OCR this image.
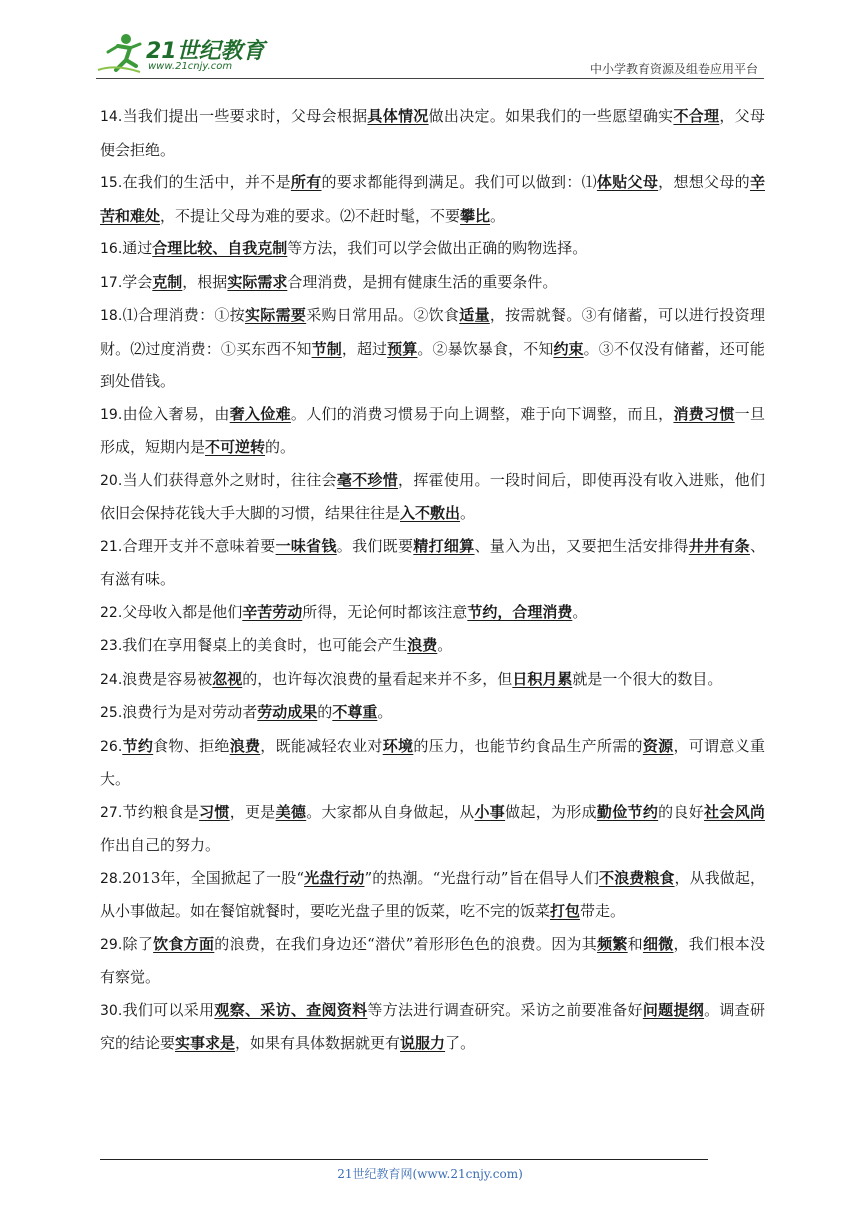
21世纪教育
www.21cnjy.com	中小学教育资源及组卷应用平台

14.当我们提出一些要求时，父母会根据具体情况做出决定。如果我们的一些愿望确实不合理，父母便会拒绝。

15.在我们的生活中，并不是所有的要求都能得到满足。我们可以做到：⑴体贴父母，想想父母的辛苦和难处，不提让父母为难的要求。⑵不赶时髦，不要攀比。

16.通过合理比较、自我克制等方法，我们可以学会做出正确的购物选择。

17.学会克制，根据实际需求合理消费，是拥有健康生活的重要条件。

18.⑴合理消费：①按实际需要采购日常用品。②饮食适量，按需就餐。③有储蓄，可以进行投资理财。⑵过度消费：①买东西不知节制，超过预算。②暴饮暴食，不知约束。③不仅没有储蓄，还可能到处借钱。

19.由俭入奢易，由奢入俭难。人们的消费习惯易于向上调整，难于向下调整，而且，消费习惯一旦形成，短期内是不可逆转的。

20.当人们获得意外之财时，往往会毫不珍惜，挥霍使用。一段时间后，即使再没有收入进账，他们依旧会保持花钱大手大脚的习惯，结果往往是入不敷出。

21.合理开支并不意味着要一味省钱。我们既要精打细算、量入为出，又要把生活安排得井井有条、有滋有味。

22.父母收入都是他们辛苦劳动所得，无论何时都该注意节约，合理消费。

23.我们在享用餐桌上的美食时，也可能会产生浪费。

24.浪费是容易被忽视的，也许每次浪费的量看起来并不多，但日积月累就是一个很大的数目。

25.浪费行为是对劳动者劳动成果的不尊重。

26.节约食物、拒绝浪费，既能减轻农业对环境的压力，也能节约食品生产所需的资源，可谓意义重大。

27.节约粮食是习惯，更是美德。大家都从自身做起，从小事做起，为形成勤俭节约的良好社会风尚作出自己的努力。

28.2013年，全国掀起了一股“光盘行动”的热潮。“光盘行动”旨在倡导人们不浪费粮食，从我做起，从小事做起。如在餐馆就餐时，要吃光盘子里的饭菜，吃不完的饭菜打包带走。

29.除了饮食方面的浪费，在我们身边还“潜伏”着形形色色的浪费。因为其频繁和细微，我们根本没有察觉。

30.我们可以采用观察、采访、查阅资料等方法进行调查研究。采访之前要准备好问题提纲。调查研究的结论要实事求是，如果有具体数据就更有说服力了。

21世纪教育网(www.21cnjy.com)
